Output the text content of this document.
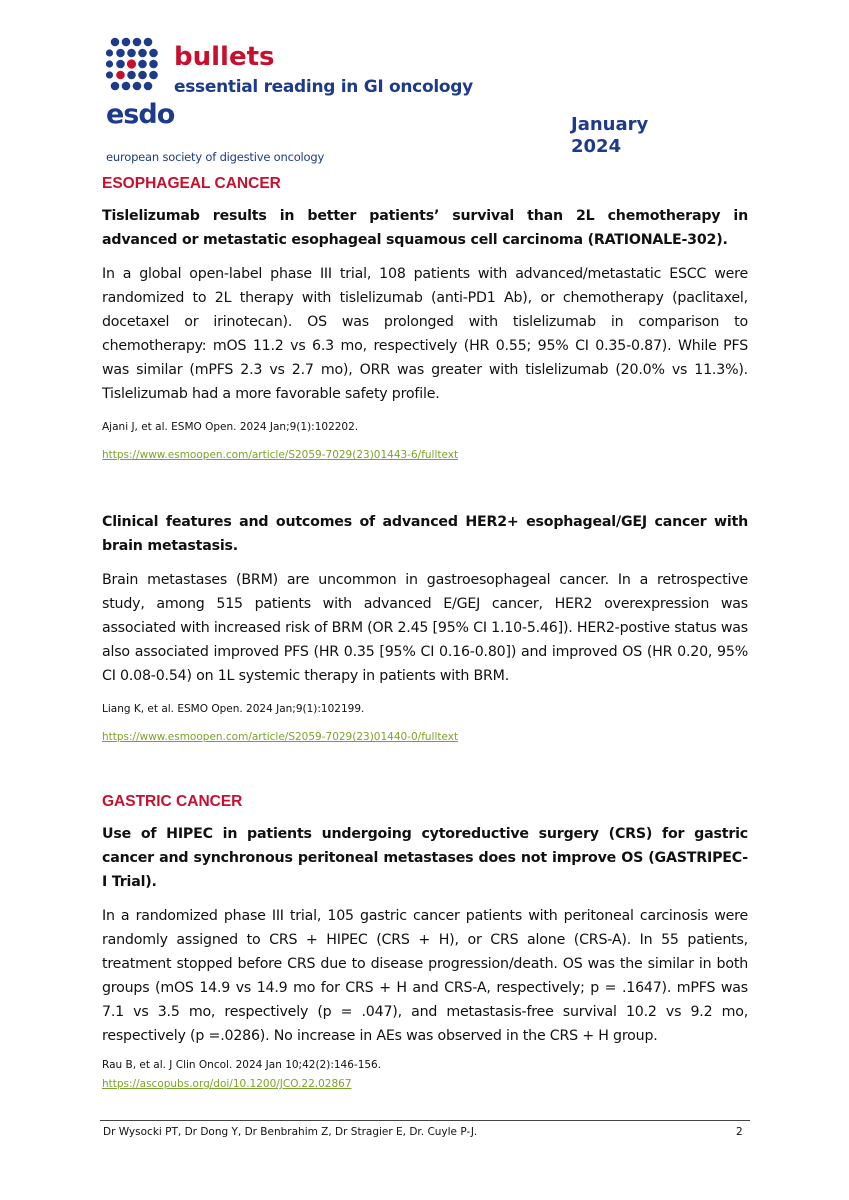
esdo
bullets
essential reading in GI oncology
european society of digestive oncology
January 2024
ESOPHAGEAL CANCER
Tislelizumab results in better patients’ survival than 2L chemotherapy in advanced or metastatic esophageal squamous cell carcinoma (RATIONALE-302).
In a global open-label phase III trial, 108 patients with advanced/metastatic ESCC were randomized to 2L therapy with tislelizumab (anti-PD1 Ab), or chemotherapy (paclitaxel, docetaxel or irinotecan). OS was prolonged with tislelizumab in comparison to chemotherapy: mOS 11.2 vs 6.3 mo, respectively (HR 0.55; 95% CI 0.35-0.87). While PFS was similar (mPFS 2.3 vs 2.7 mo), ORR was greater with tislelizumab (20.0% vs 11.3%). Tislelizumab had a more favorable safety profile.
Ajani J, et al. ESMO Open. 2024 Jan;9(1):102202.
https://www.esmoopen.com/article/S2059-7029(23)01443-6/fulltext
Clinical features and outcomes of advanced HER2+ esophageal/GEJ cancer with brain metastasis.
Brain metastases (BRM) are uncommon in gastroesophageal cancer. In a retrospective study, among 515 patients with advanced E/GEJ cancer, HER2 overexpression was associated with increased risk of BRM (OR 2.45 [95% CI 1.10-5.46]). HER2-postive status was also associated improved PFS (HR 0.35 [95% CI 0.16-0.80]) and improved OS (HR 0.20, 95% CI 0.08-0.54) on 1L systemic therapy in patients with BRM.
Liang K, et al. ESMO Open. 2024 Jan;9(1):102199.
https://www.esmoopen.com/article/S2059-7029(23)01440-0/fulltext
GASTRIC CANCER
Use of HIPEC in patients undergoing cytoreductive surgery (CRS) for gastric cancer and synchronous peritoneal metastases does not improve OS (GASTRIPEC-I Trial).
In a randomized phase III trial, 105 gastric cancer patients with peritoneal carcinosis were randomly assigned to CRS + HIPEC (CRS + H), or CRS alone (CRS-A). In 55 patients, treatment stopped before CRS due to disease progression/death. OS was the similar in both groups (mOS 14.9 vs 14.9 mo for CRS + H and CRS-A, respectively; p = .1647). mPFS was 7.1 vs 3.5 mo, respectively (p = .047), and metastasis-free survival 10.2 vs 9.2 mo, respectively (p =.0286). No increase in AEs was observed in the CRS + H group.
Rau B, et al. J Clin Oncol. 2024 Jan 10;42(2):146-156.
https://ascopubs.org/doi/10.1200/JCO.22.02867
Dr Wysocki PT, Dr Dong Y, Dr Benbrahim Z, Dr Stragier E, Dr. Cuyle P-J.	2
